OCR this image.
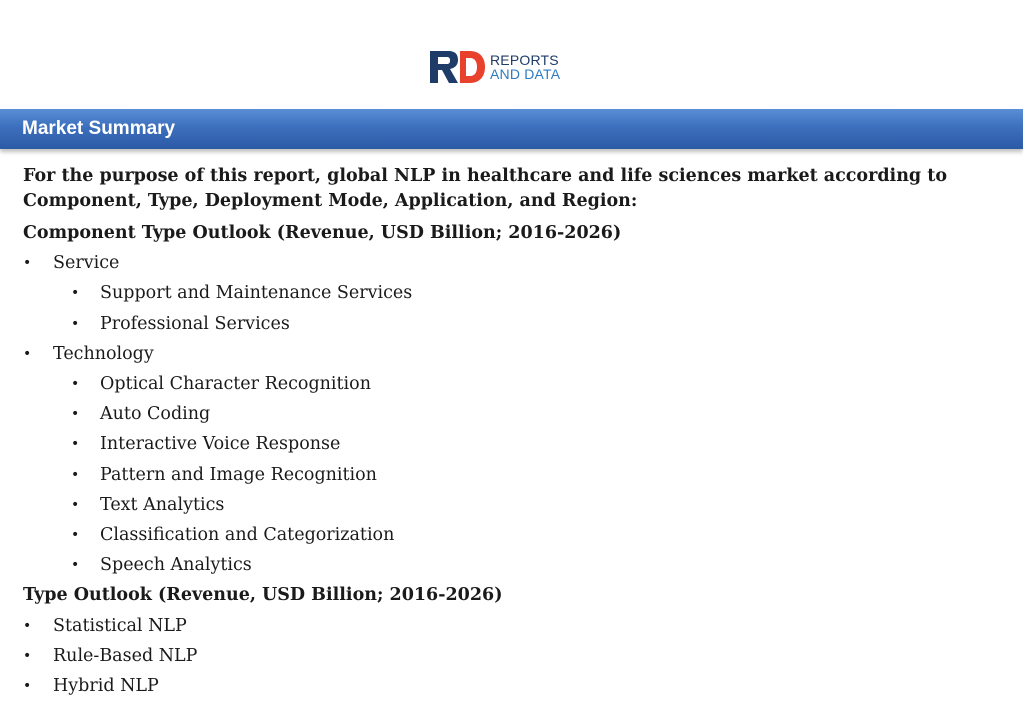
REPORTS
AND DATA
Market Summary
For the purpose of this report, global NLP in healthcare and life sciences market according to Component, Type, Deployment Mode, Application, and Region:
Component Type Outlook (Revenue, USD Billion; 2016-2026)
• Service
• Support and Maintenance Services
• Professional Services
• Technology
• Optical Character Recognition
• Auto Coding
• Interactive Voice Response
• Pattern and Image Recognition
• Text Analytics
• Classification and Categorization
• Speech Analytics
Type Outlook (Revenue, USD Billion; 2016-2026)
• Statistical NLP
• Rule-Based NLP
• Hybrid NLP
